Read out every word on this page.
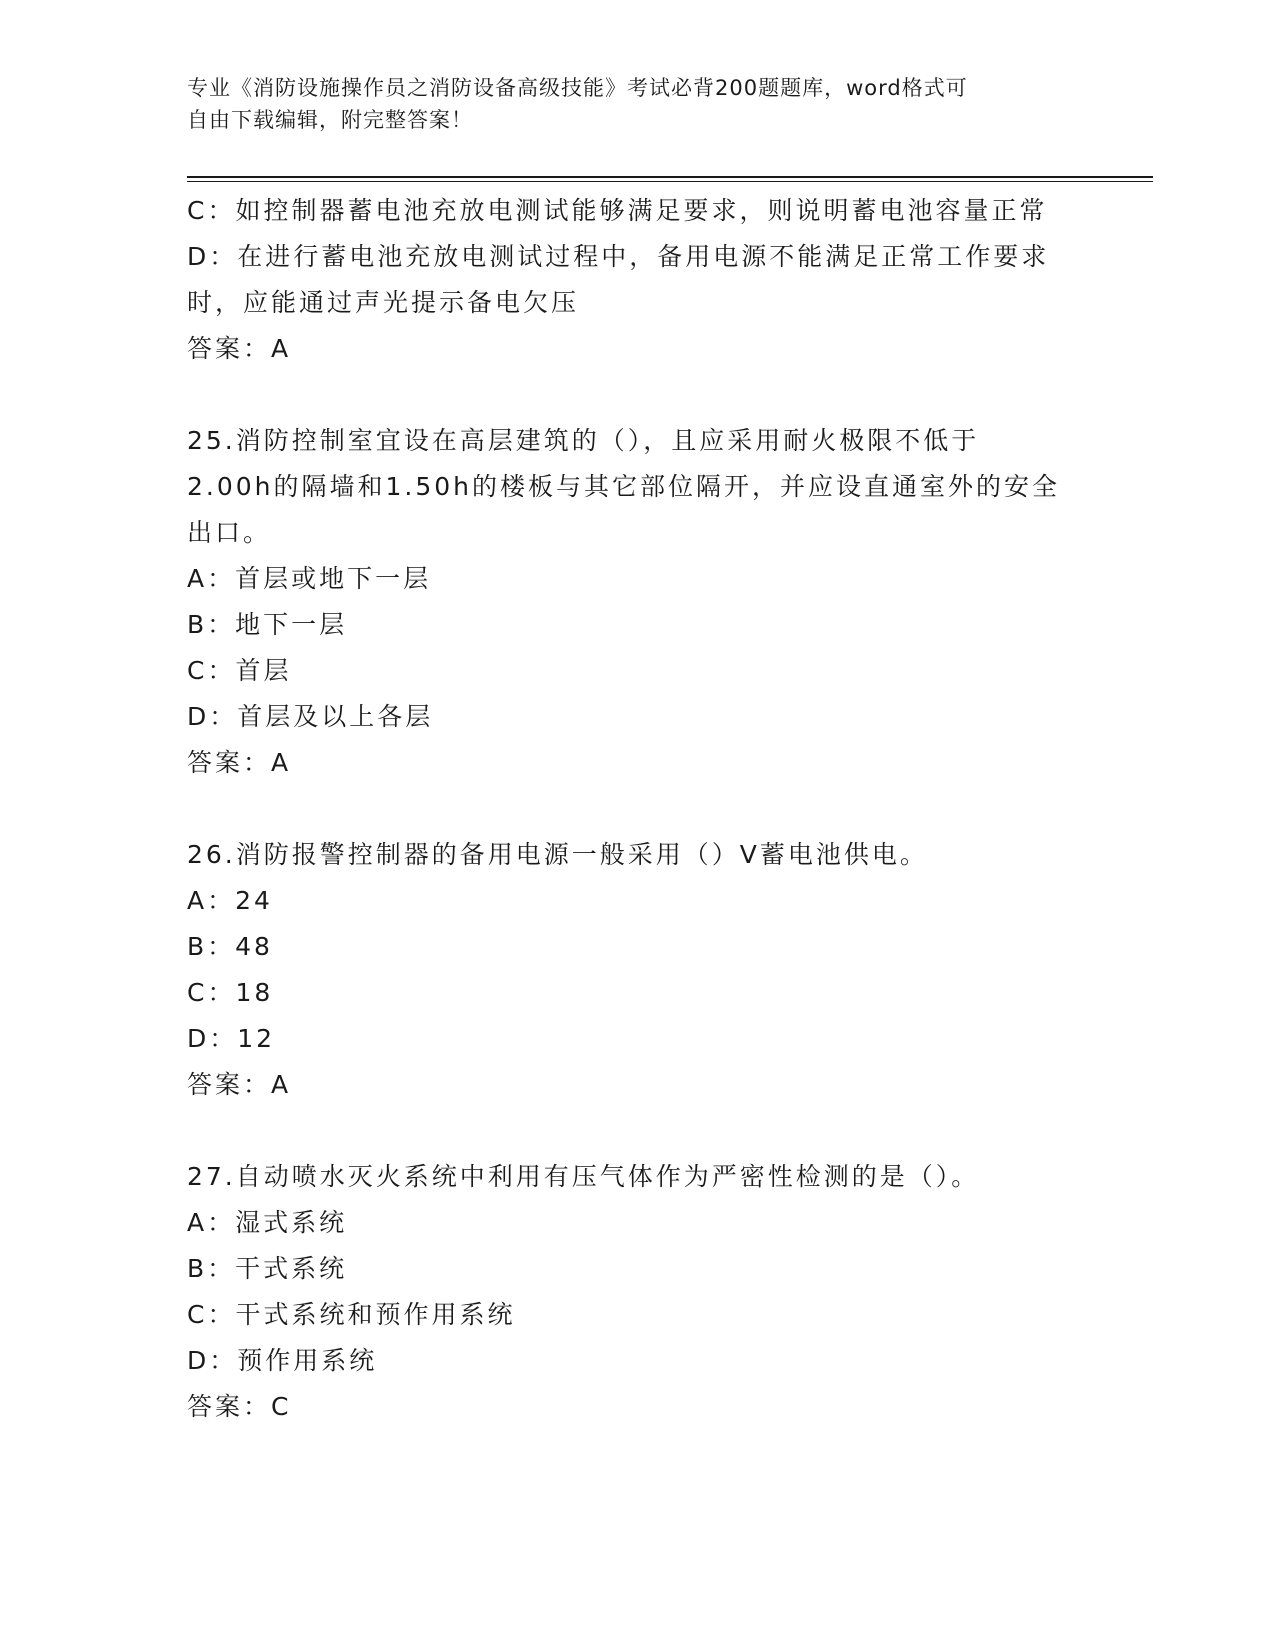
专业《消防设施操作员之消防设备高级技能》考试必背200题题库，word格式可
自由下载编辑，附完整答案！
C：如控制器蓄电池充放电测试能够满足要求，则说明蓄电池容量正常
D：在进行蓄电池充放电测试过程中，备用电源不能满足正常工作要求
时，应能通过声光提示备电欠压
答案：A
25.消防控制室宜设在高层建筑的（），且应采用耐火极限不低于
2.00h的隔墙和1.50h的楼板与其它部位隔开，并应设直通室外的安全
出口。
A：首层或地下一层
B：地下一层
C：首层
D：首层及以上各层
答案：A
26.消防报警控制器的备用电源一般采用（）V蓄电池供电。
A：24
B：48
C：18
D：12
答案：A
27.自动喷水灭火系统中利用有压气体作为严密性检测的是（）。
A：湿式系统
B：干式系统
C：干式系统和预作用系统
D：预作用系统
答案：C
